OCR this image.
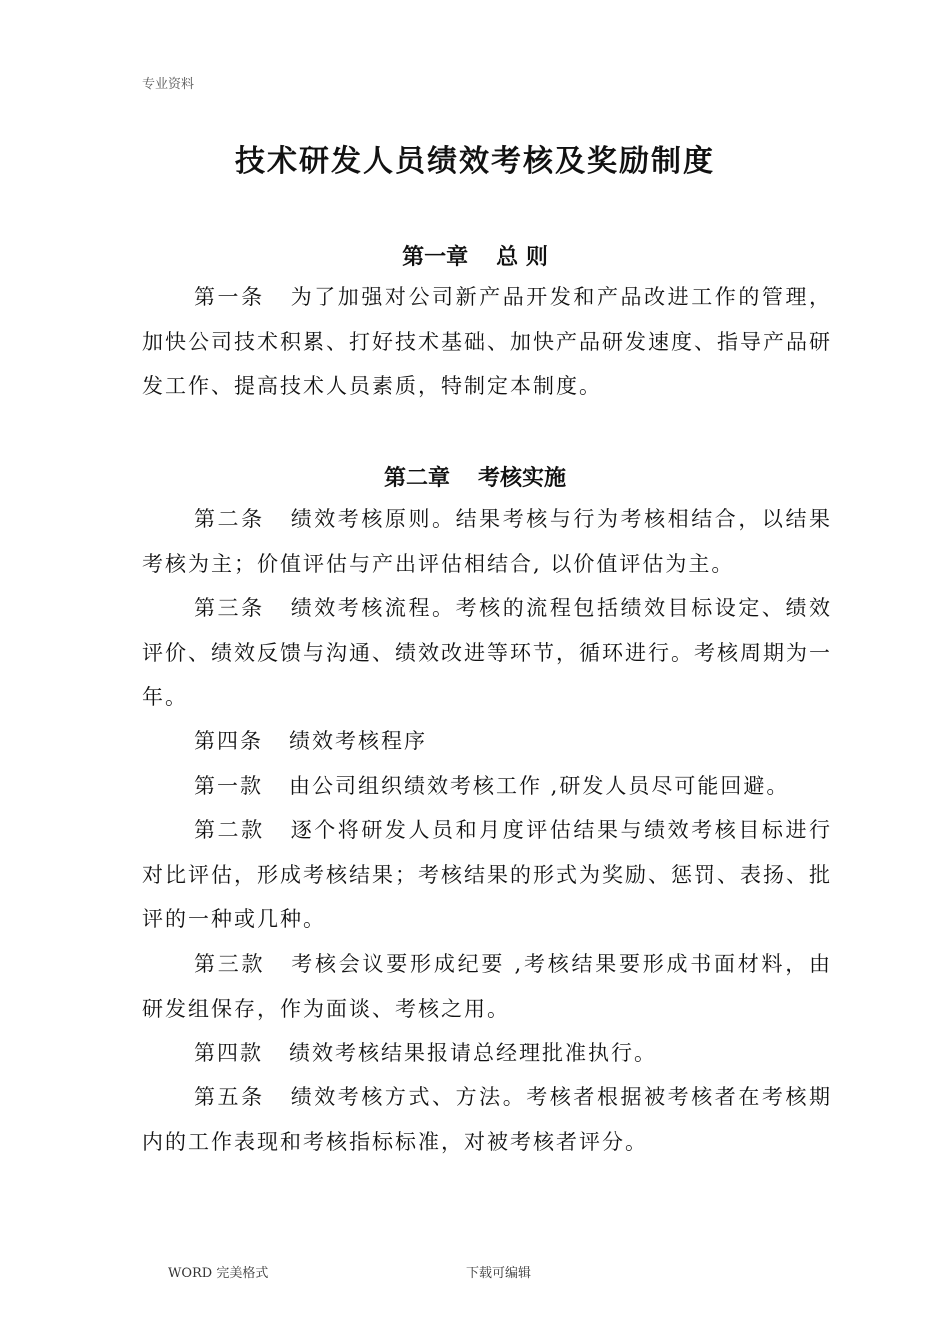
专业资料
技术研发人员绩效考核及奖励制度
第一章 总 则
第一条 为了加强对公司新产品开发和产品改进工作的管理，加快公司技术积累、打好技术基础、加快产品研发速度、指导产品研发工作、提高技术人员素质，特制定本制度。
第二章 考核实施
第二条 绩效考核原则。结果考核与行为考核相结合，以结果考核为主；价值评估与产出评估相结合, 以价值评估为主。
第三条 绩效考核流程。考核的流程包括绩效目标设定、绩效评价、绩效反馈与沟通、绩效改进等环节，循环进行。考核周期为一年。
第四条 绩效考核程序
第一款 由公司组织绩效考核工作 ,研发人员尽可能回避。
第二款 逐个将研发人员和月度评估结果与绩效考核目标进行对比评估，形成考核结果；考核结果的形式为奖励、惩罚、表扬、批评的一种或几种。
第三款 考核会议要形成纪要 ,考核结果要形成书面材料，由研发组保存，作为面谈、考核之用。
第四款 绩效考核结果报请总经理批准执行。
第五条 绩效考核方式、方法。考核者根据被考核者在考核期内的工作表现和考核指标标准，对被考核者评分。
WORD 完美格式	下载可编辑
